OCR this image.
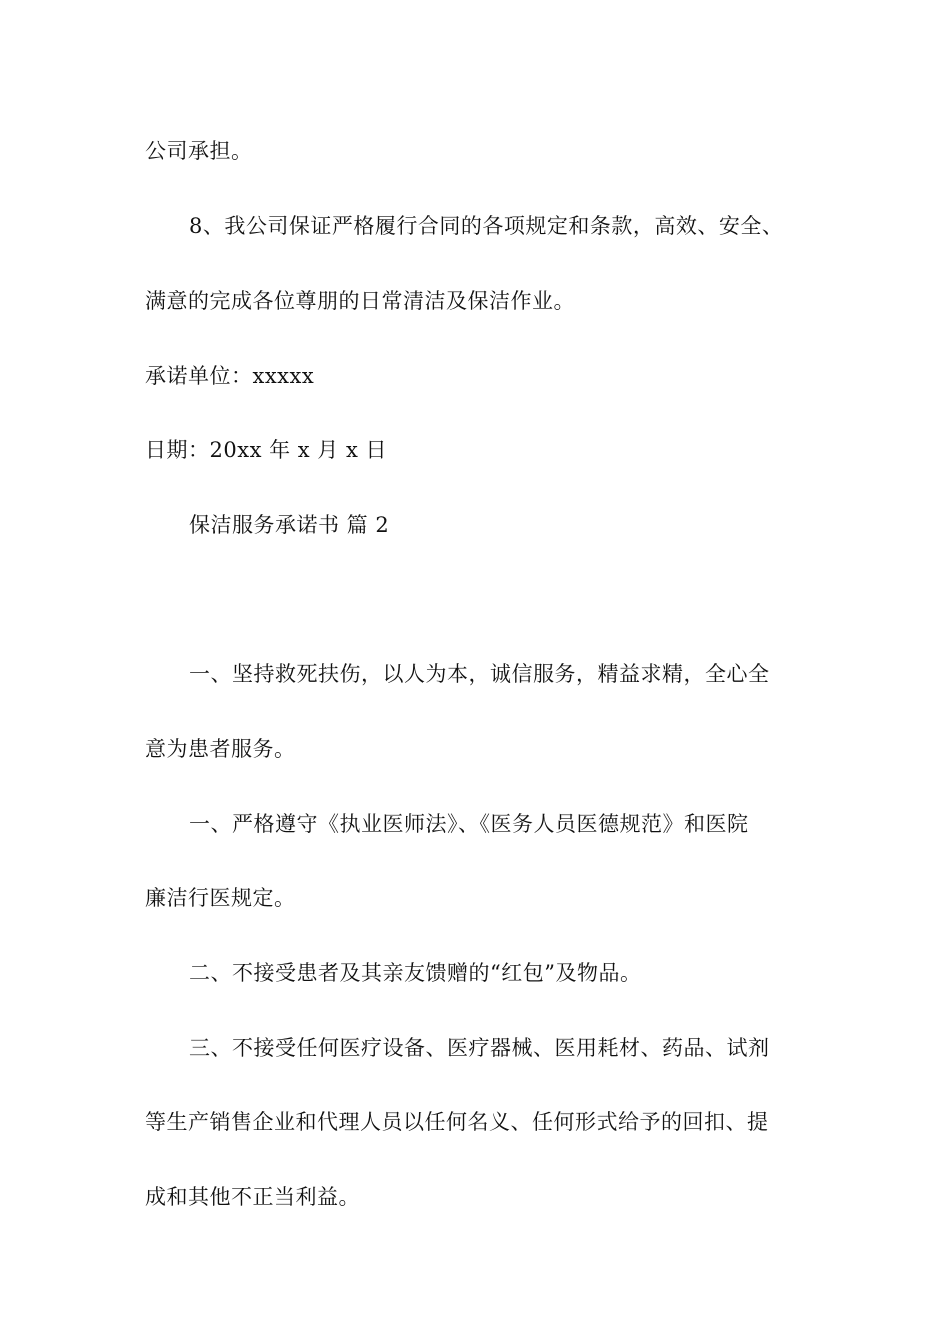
公司承担。
8、我公司保证严格履行合同的各项规定和条款，高效、安全、
满意的完成各位尊朋的日常清洁及保洁作业。
承诺单位：xxxxx
日期：20xx 年 x 月 x 日
保洁服务承诺书 篇 2
一、坚持救死扶伤，以人为本，诚信服务，精益求精，全心全
意为患者服务。
一、严格遵守《执业医师法》、《医务人员医德规范》和医院
廉洁行医规定。
二、不接受患者及其亲友馈赠的“红包”及物品。
三、不接受任何医疗设备、医疗器械、医用耗材、药品、试剂
等生产销售企业和代理人员以任何名义、任何形式给予的回扣、提
成和其他不正当利益。
